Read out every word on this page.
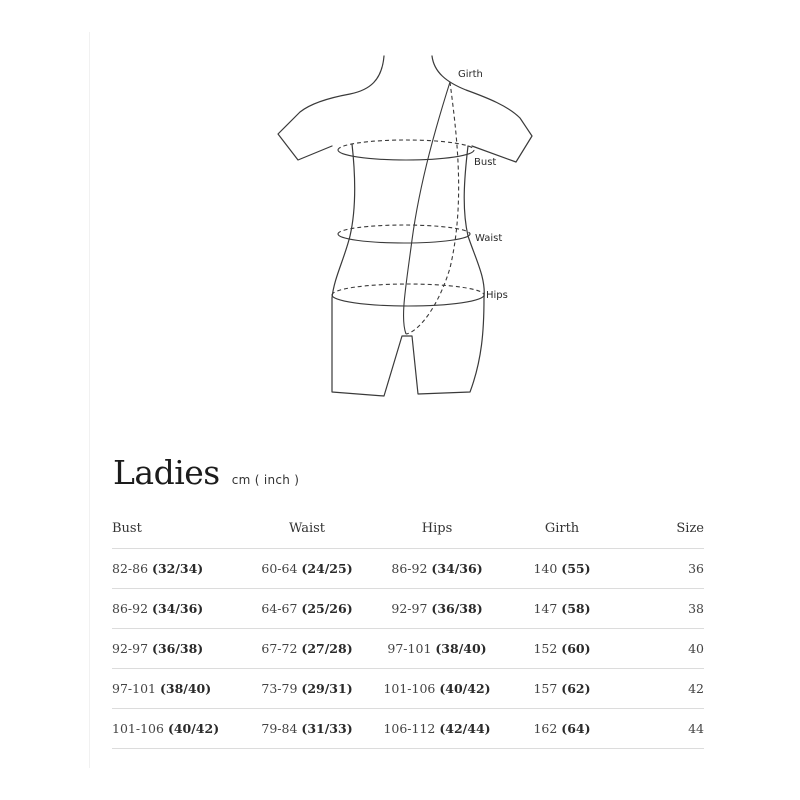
Girth
Bust
Waist
Hips
Ladies cm ( inch )
Bust	Waist	Hips	Girth	Size
82-86 (32/34)	60-64 (24/25)	86-92 (34/36)	140 (55)	36
86-92 (34/36)	64-67 (25/26)	92-97 (36/38)	147 (58)	38
92-97 (36/38)	67-72 (27/28)	97-101 (38/40)	152 (60)	40
97-101 (38/40)	73-79 (29/31)	101-106 (40/42)	157 (62)	42
101-106 (40/42)	79-84 (31/33)	106-112 (42/44)	162 (64)	44
